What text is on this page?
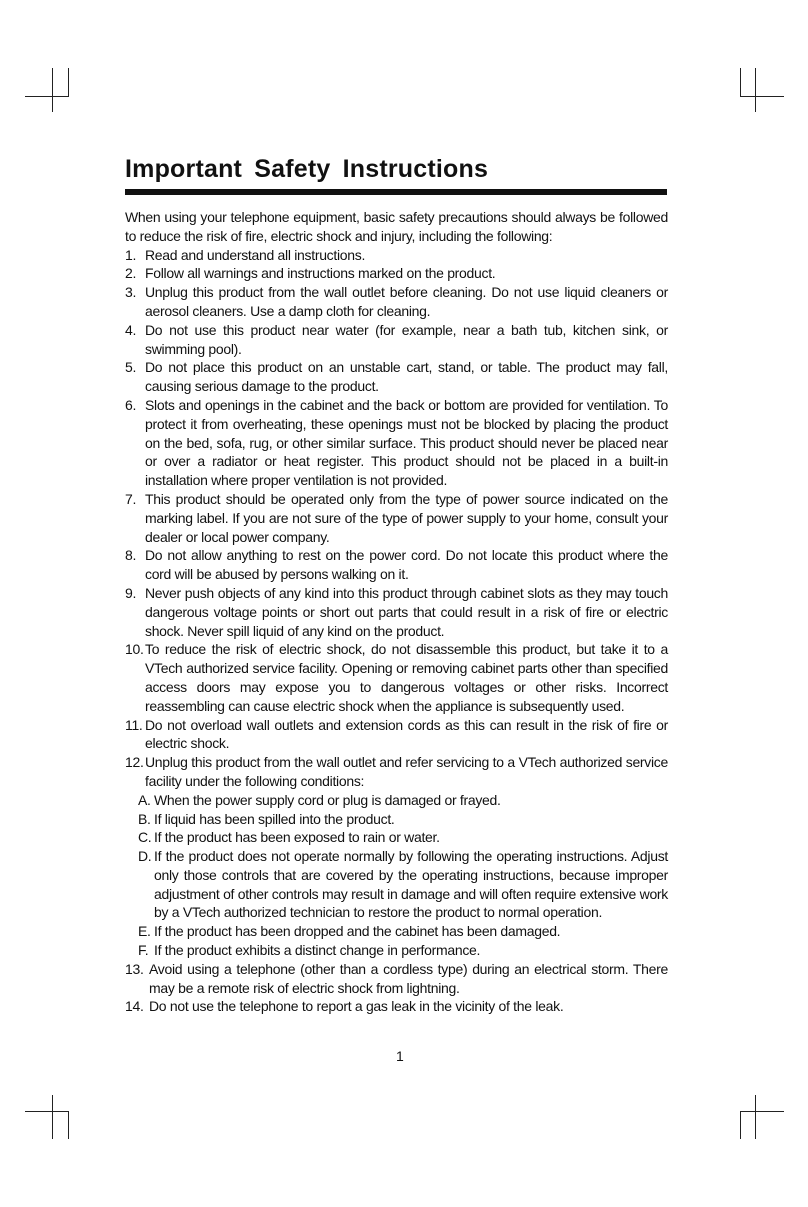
Important Safety Instructions

When using your telephone equipment, basic safety precautions should always be followed to reduce the risk of fire, electric shock and injury, including the following:

1. Read and understand all instructions.
2. Follow all warnings and instructions marked on the product.
3. Unplug this product from the wall outlet before cleaning. Do not use liquid cleaners or aerosol cleaners. Use a damp cloth for cleaning.
4. Do not use this product near water (for example, near a bath tub, kitchen sink, or swimming pool).
5. Do not place this product on an unstable cart, stand, or table. The product may fall, causing serious damage to the product.
6. Slots and openings in the cabinet and the back or bottom are provided for ventilation. To protect it from overheating, these openings must not be blocked by placing the product on the bed, sofa, rug, or other similar surface. This product should never be placed near or over a radiator or heat register. This product should not be placed in a built-in installation where proper ventilation is not provided.
7. This product should be operated only from the type of power source indicated on the marking label. If you are not sure of the type of power supply to your home, consult your dealer or local power company.
8. Do not allow anything to rest on the power cord. Do not locate this product where the cord will be abused by persons walking on it.
9. Never push objects of any kind into this product through cabinet slots as they may touch dangerous voltage points or short out parts that could result in a risk of fire or electric shock. Never spill liquid of any kind on the product.
10. To reduce the risk of electric shock, do not disassemble this product, but take it to a VTech authorized service facility. Opening or removing cabinet parts other than specified access doors may expose you to dangerous voltages or other risks. Incorrect reassembling can cause electric shock when the appliance is subsequently used.
11. Do not overload wall outlets and extension cords as this can result in the risk of fire or electric shock.
12. Unplug this product from the wall outlet and refer servicing to a VTech authorized service facility under the following conditions:
A. When the power supply cord or plug is damaged or frayed.
B. If liquid has been spilled into the product.
C. If the product has been exposed to rain or water.
D. If the product does not operate normally by following the operating instructions. Adjust only those controls that are covered by the operating instructions, because improper adjustment of other controls may result in damage and will often require extensive work by a VTech authorized technician to restore the product to normal operation.
E. If the product has been dropped and the cabinet has been damaged.
F. If the product exhibits a distinct change in performance.
13. Avoid using a telephone (other than a cordless type) during an electrical storm. There may be a remote risk of electric shock from lightning.
14. Do not use the telephone to report a gas leak in the vicinity of the leak.
1
